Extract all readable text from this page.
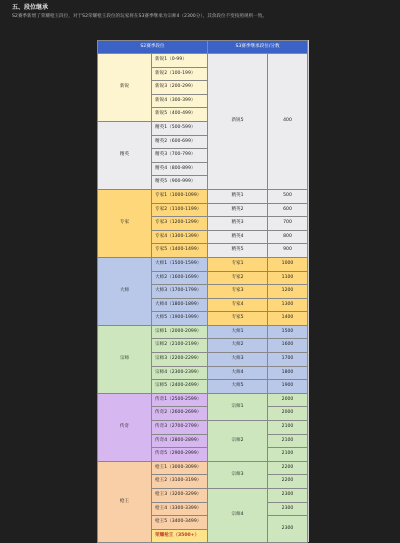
五、段位继承
S2赛季新增了荣耀枪王段位，对于S2荣耀枪王段位的玩家将在S3赛季继承为宗师4（2300分），其余段位不变按照规则一致。
S2赛季段位		S3赛季继承段位/分数	
新锐	新锐1（0-99）	新锐5	400
	新锐2（100-199）		
	新锐3（200-299）		
	新锐4（300-399）		
	新锐5（400-499）		
精英	精英1（500-599）		
	精英2（600-699）		
	精英3（700-799）		
	精英4（800-899）		
	精英5（900-999）		
专家	专家1（1000-1099）	精英1	500
	专家2（1100-1199）	精英2	600
	专家3（1200-1299）	精英3	700
	专家4（1300-1399）	精英4	800
	专家5（1400-1499）	精英5	900
大师	大师1（1500-1599）	专家1	1000
	大师2（1600-1699）	专家2	1100
	大师3（1700-1799）	专家3	1200
	大师4（1800-1899）	专家4	1300
	大师5（1900-1999）	专家5	1400
宗师	宗师1（2000-2099）	大师1	1500
	宗师2（2100-2199）	大师2	1600
	宗师3（2200-2299）	大师3	1700
	宗师4（2300-2399）	大师4	1800
	宗师5（2400-2499）	大师5	1900
传奇	传奇1（2500-2599）	宗师1	2000
	传奇2（2600-2699）		2000
	传奇3（2700-2799）	宗师2	2100
	传奇4（2800-2899）		2100
	传奇5（2900-2999）		2100
枪王	枪王1（3000-3099）	宗师3	2200
	枪王2（3100-3199）		2200
	枪王3（3200-3299）	宗师4	2300
	枪王4（3300-3399）		2300
	枪王5（3400-3499）		2300
	荣耀枪王（3500+）		
